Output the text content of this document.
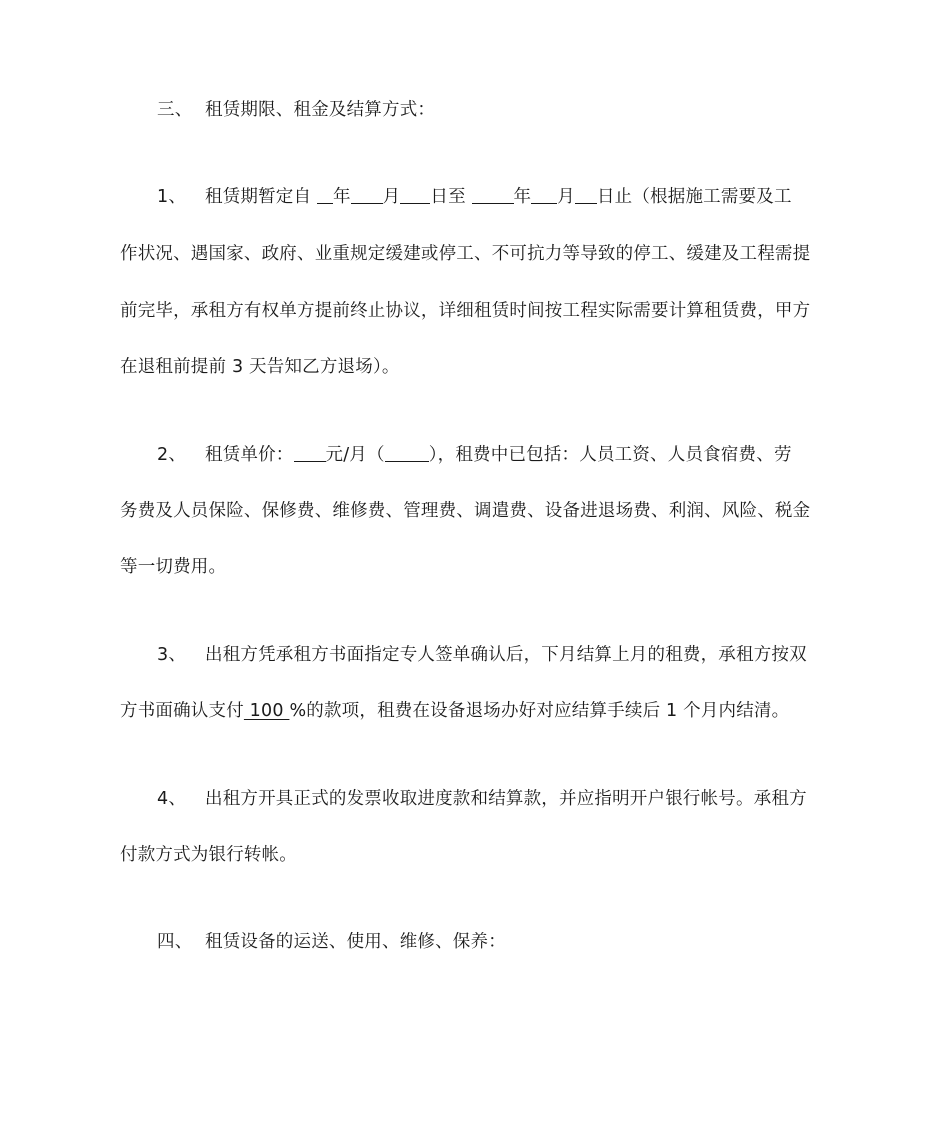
三、 租赁期限、租金及结算方式：
1、 租赁期暂定自 年 月 日至	年 月 日止（根据施工需要及工
作状况、遇国家、政府、业重规定缓建或停工、不可抗力等导致的停工、缓建及工程需提
前完毕，承租方有权单方提前终止协议，详细租赁时间按工程实际需要计算租赁费，甲方
在退租前提前 3 天告知乙方退场）。
2、 租赁单价： 元/月（	），租费中已包括：人员工资、人员食宿费、劳
务费及人员保险、保修费、维修费、管理费、调遣费、设备进退场费、利润、风险、税金
等一切费用。
3、 出租方凭承租方书面指定专人签单确认后，下月结算上月的租费，承租方按双
方书面确认支付 100 %的款项，租费在设备退场办好对应结算手续后 1 个月内结清。
4、 出租方开具正式的发票收取进度款和结算款，并应指明开户银行帐号。承租方
付款方式为银行转帐。
四、 租赁设备的运送、使用、维修、保养：
